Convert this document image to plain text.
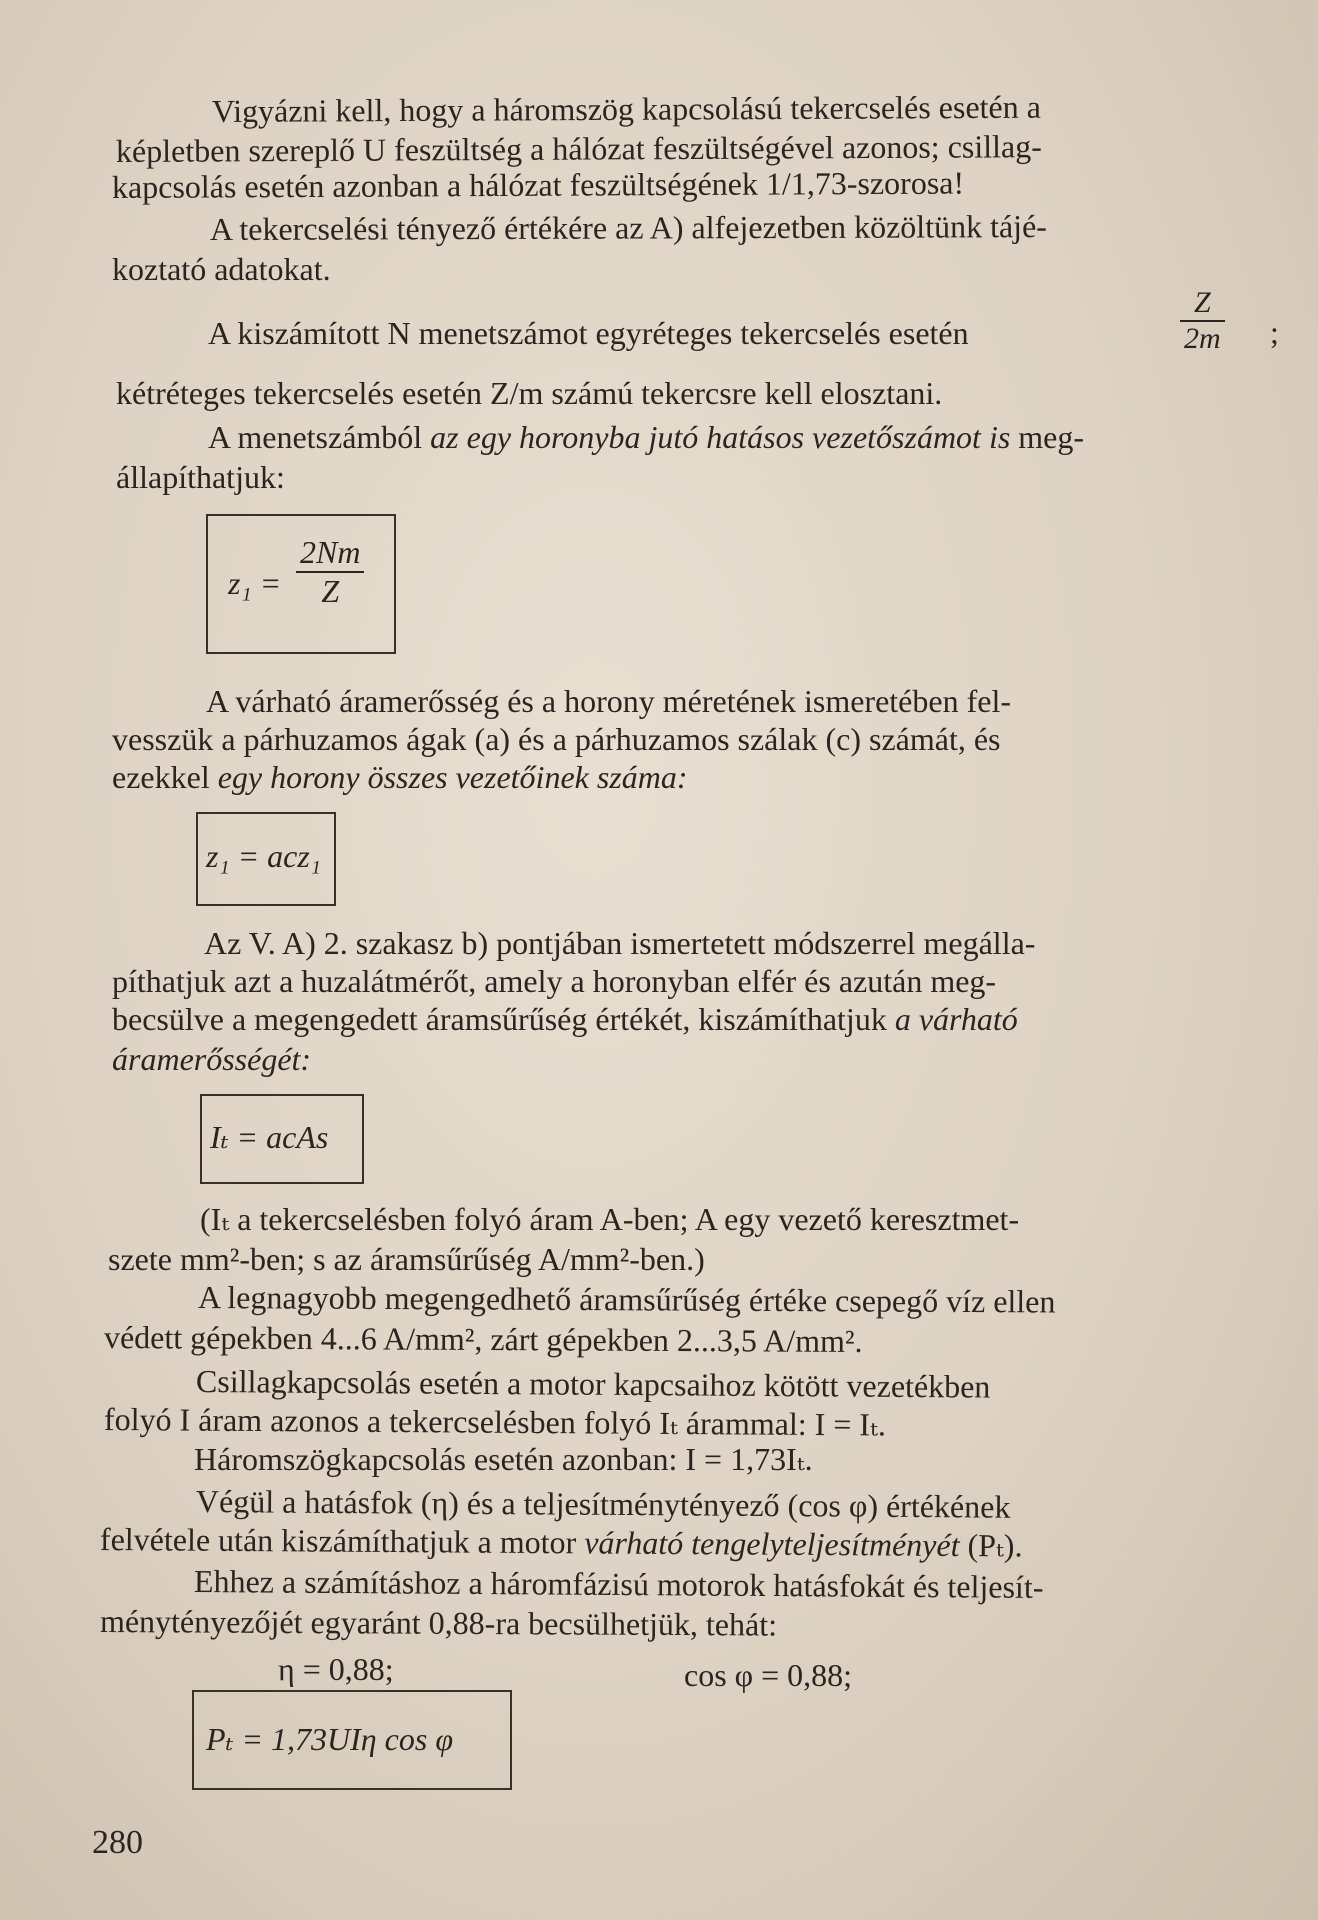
Vigyázni kell, hogy a háromszög kapcsolású tekercselés esetén a
képletben szereplő U feszültség a hálózat feszültségével azonos; csillag-
kapcsolás esetén azonban a hálózat feszültségének 1/1,73-szorosa!
A tekercselési tényező értékére az A) alfejezetben közöltünk tájé-
koztató adatokat.
A kiszámított N menetszámot egyréteges tekercselés esetén	$\frac{Z}{2m}$ ;
kétréteges tekercselés esetén Z/m számú tekercsre kell elosztani.
A menetszámból az egy horonyba jutó hatásos vezetőszámot is meg-
állapíthatjuk:
$z_1 = \frac{2Nm}{Z}$
A várható áramerősség és a horony méretének ismeretében fel-
vesszük a párhuzamos ágak (a) és a párhuzamos szálak (c) számát, és
ezekkel egy horony összes vezetőinek száma:
z₁ = acz₁
Az V. A) 2. szakasz b) pontjában ismertetett módszerrel megálla-
píthatjuk azt a huzalátmérőt, amely a horonyban elfér és azután meg-
becsülve a megengedett áramsűrűség értékét, kiszámíthatjuk a várható
áramerősségét:
Iₜ = acAs
(Iₜ a tekercselésben folyó áram A-ben; A egy vezető keresztmet-
szete mm²-ben; s az áramsűrűség A/mm²-ben.)
A legnagyobb megengedhető áramsűrűség értéke csepegő víz ellen
védett gépekben 4...6 A/mm², zárt gépekben 2...3,5 A/mm².
Csillagkapcsolás esetén a motor kapcsaihoz kötött vezetékben
folyó I áram azonos a tekercselésben folyó Iₜ árammal: I = Iₜ.
Háromszögkapcsolás esetén azonban: I = 1,73Iₜ.
Végül a hatásfok (η) és a teljesítménytényező (cos φ) értékének
felvétele után kiszámíthatjuk a motor várható tengelyteljesítményét (Pₜ).
Ehhez a számításhoz a háromfázisú motorok hatásfokát és teljesít-
ménytényezőjét egyaránt 0,88-ra becsülhetjük, tehát:
η = 0,88;	cos φ = 0,88;
Pₜ = 1,73UIη cos φ
280
